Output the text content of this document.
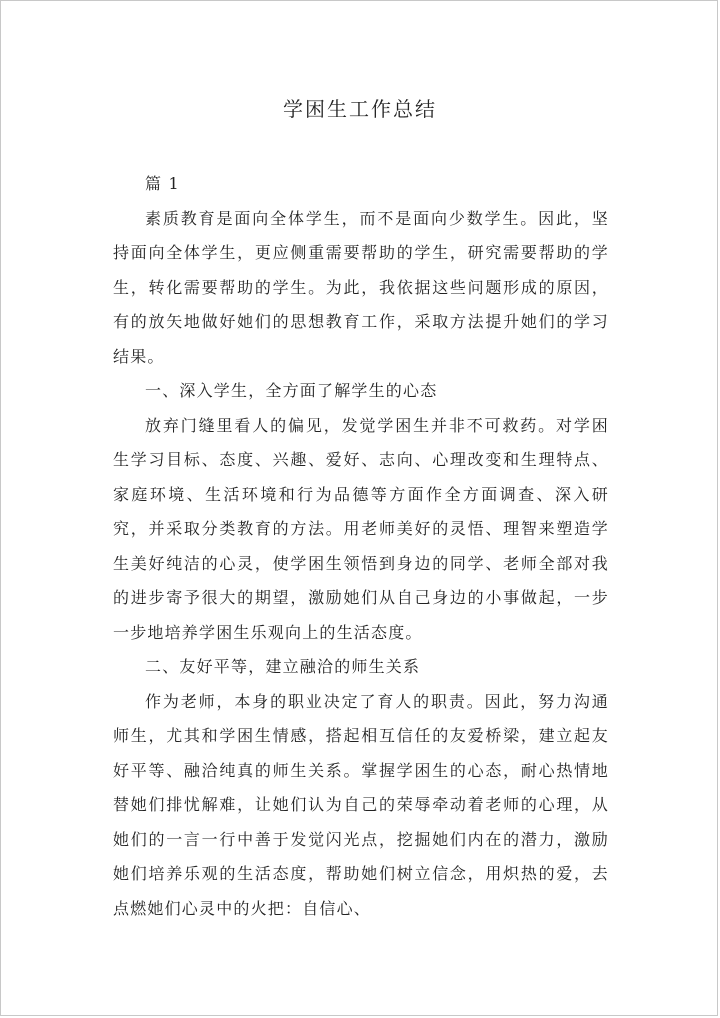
学困生工作总结

篇 1

素质教育是面向全体学生，而不是面向少数学生。因此，坚持面向全体学生，更应侧重需要帮助的学生，研究需要帮助的学生，转化需要帮助的学生。为此，我依据这些问题形成的原因，有的放矢地做好她们的思想教育工作，采取方法提升她们的学习结果。

一、深入学生，全方面了解学生的心态

放弃门缝里看人的偏见，发觉学困生并非不可救药。对学困生学习目标、态度、兴趣、爱好、志向、心理改变和生理特点、家庭环境、生活环境和行为品德等方面作全方面调查、深入研究，并采取分类教育的方法。用老师美好的灵悟、理智来塑造学生美好纯洁的心灵，使学困生领悟到身边的同学、老师全部对我的进步寄予很大的期望，激励她们从自己身边的小事做起，一步一步地培养学困生乐观向上的生活态度。

二、友好平等，建立融洽的师生关系

作为老师，本身的职业决定了育人的职责。因此，努力沟通师生，尤其和学困生情感，搭起相互信任的友爱桥梁，建立起友好平等、融洽纯真的师生关系。掌握学困生的心态，耐心热情地替她们排忧解难，让她们认为自己的荣辱牵动着老师的心理，从她们的一言一行中善于发觉闪光点，挖掘她们内在的潜力，激励她们培养乐观的生活态度，帮助她们树立信念，用炽热的爱，去点燃她们心灵中的火把：自信心、
